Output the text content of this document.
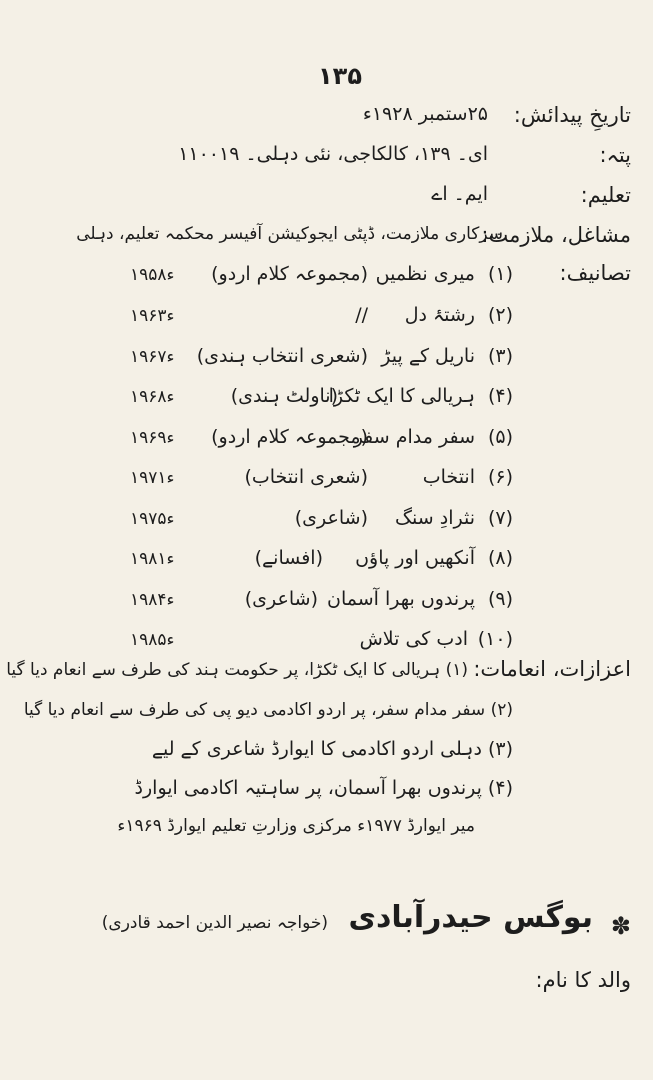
۱۳۵
تاریخِ پیدائش:
۲۵ستمبر ۱۹۲۸ء
پتہ:
ای۔ ۱۳۹، کالکاجی، نئی دہلی۔ ۱۱۰۰۱۹
تعلیم:
ایم۔ اے
مشاغل، ملازمت:
سرکاری ملازمت، ڈپٹی ایجوکیشن آفیسر محکمہ تعلیم، دہلی
تصانیف:
(۱)
میری نظمیں
(مجموعہ کلام اردو)
۱۹۵۸ء
(۲)
رشتۂ دل
//
۱۹۶۳ء
(۳)
ناریل کے پیڑ
(شعری انتخاب ہندی)
۱۹۶۷ء
(۴)
ہریالی کا ایک ٹکڑا
(ناولٹ ہندی)
۱۹۶۸ء
(۵)
سفر مدام سفر
(مجموعہ کلام اردو)
۱۹۶۹ء
(۶)
انتخاب
(شعری انتخاب)
۱۹۷۱ء
(۷)
نثرادِ سنگ
(شاعری)
۱۹۷۵ء
(۸)
آنکھیں اور پاؤں
(افسانے)
۱۹۸۱ء
(۹)
پرندوں بھرا آسمان
(شاعری)
۱۹۸۴ء
(۱۰)
ادب کی تلاش
۱۹۸۵ء
اعزازات، انعامات:
(۱) ہریالی کا ایک ٹکڑا، پر حکومت ہند کی طرف سے انعام دیا گیا
(۲) سفر مدام سفر، پر اردو اکادمی دیو پی کی طرف سے انعام دیا گیا
(۳) دہلی اردو اکادمی کا ایوارڈ شاعری کے لیے
(۴) پرندوں بھرا آسمان، پر ساہتیہ اکادمی ایوارڈ
میر ایوارڈ ۱۹۷۷ء مرکزی وزارتِ تعلیم ایوارڈ ۱۹۶۹ء
✽
بوگس حیدرآبادی
(خواجہ نصیر الدین احمد قادری)
والد کا نام:
